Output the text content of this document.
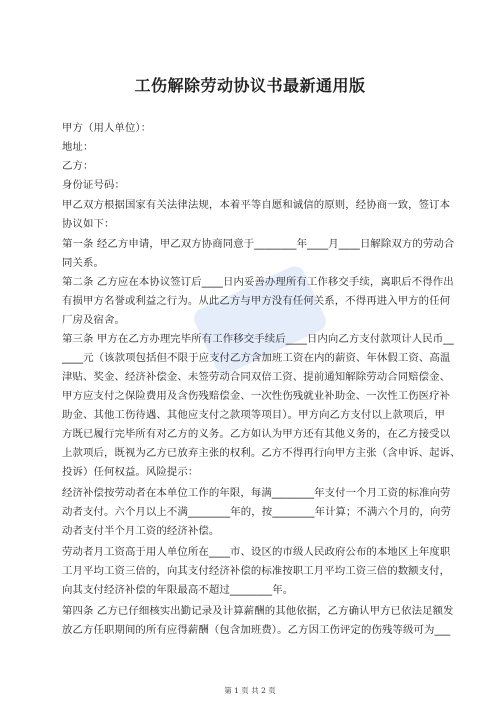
工伤解除劳动协议书最新通用版
甲方（用人单位）：
地址：
乙方：
身份证号码：
甲乙双方根据国家有关法律法规，本着平等自愿和诚信的原则，经协商一致，签订本
协议如下：
第一条 经乙方申请，甲乙双方协商同意于________年____月____日解除双方的劳动合
同关系。
第二条 乙方应在本协议签订后____日内妥善办理所有工作移交手续，离职后不得作出
有损甲方名誉或利益之行为。从此乙方与甲方没有任何关系，不得再进入甲方的任何
厂房及宿舍。
第三条 甲方在乙方办理完毕所有工作移交手续后____日内向乙方支付款项计人民币__
____元（该款项包括但不限于应支付乙方含加班工资在内的薪资、年休假工资、高温
津贴、奖金、经济补偿金、未签劳动合同双倍工资、提前通知解除劳动合同赔偿金、
甲方应支付之保险费用及含伤残赔偿金、一次性伤残就业补助金、一次性工伤医疗补
助金、其他工伤待遇、其他应支付之款项等项目）。甲方向乙方支付以上款项后，甲
方既已履行完毕所有对乙方的义务。乙方如认为甲方还有其他义务的，在乙方接受以
上款项后，既视为乙方已放弃主张的权利。乙方不得再行向甲方主张（含申诉、起诉、
投诉）任何权益。风险提示：
经济补偿按劳动者在本单位工作的年限，每满________年支付一个月工资的标准向劳
动者支付。六个月以上不满________年的，按________年计算；不满六个月的，向劳
动者支付半个月工资的经济补偿。
劳动者月工资高于用人单位所在____市、设区的市级人民政府公布的本地区上年度职
工月平均工资三倍的，向其支付经济补偿的标准按职工月平均工资三倍的数额支付，
向其支付经济补偿的年限最高不超过________年。
第四条 乙方已仔细核实出勤记录及计算薪酬的其他依据，乙方确认甲方已依法足额发
放乙方任职期间的所有应得薪酬（包含加班费）。乙方因工伤评定的伤残等级可为___
第 1 页 共 2 页
